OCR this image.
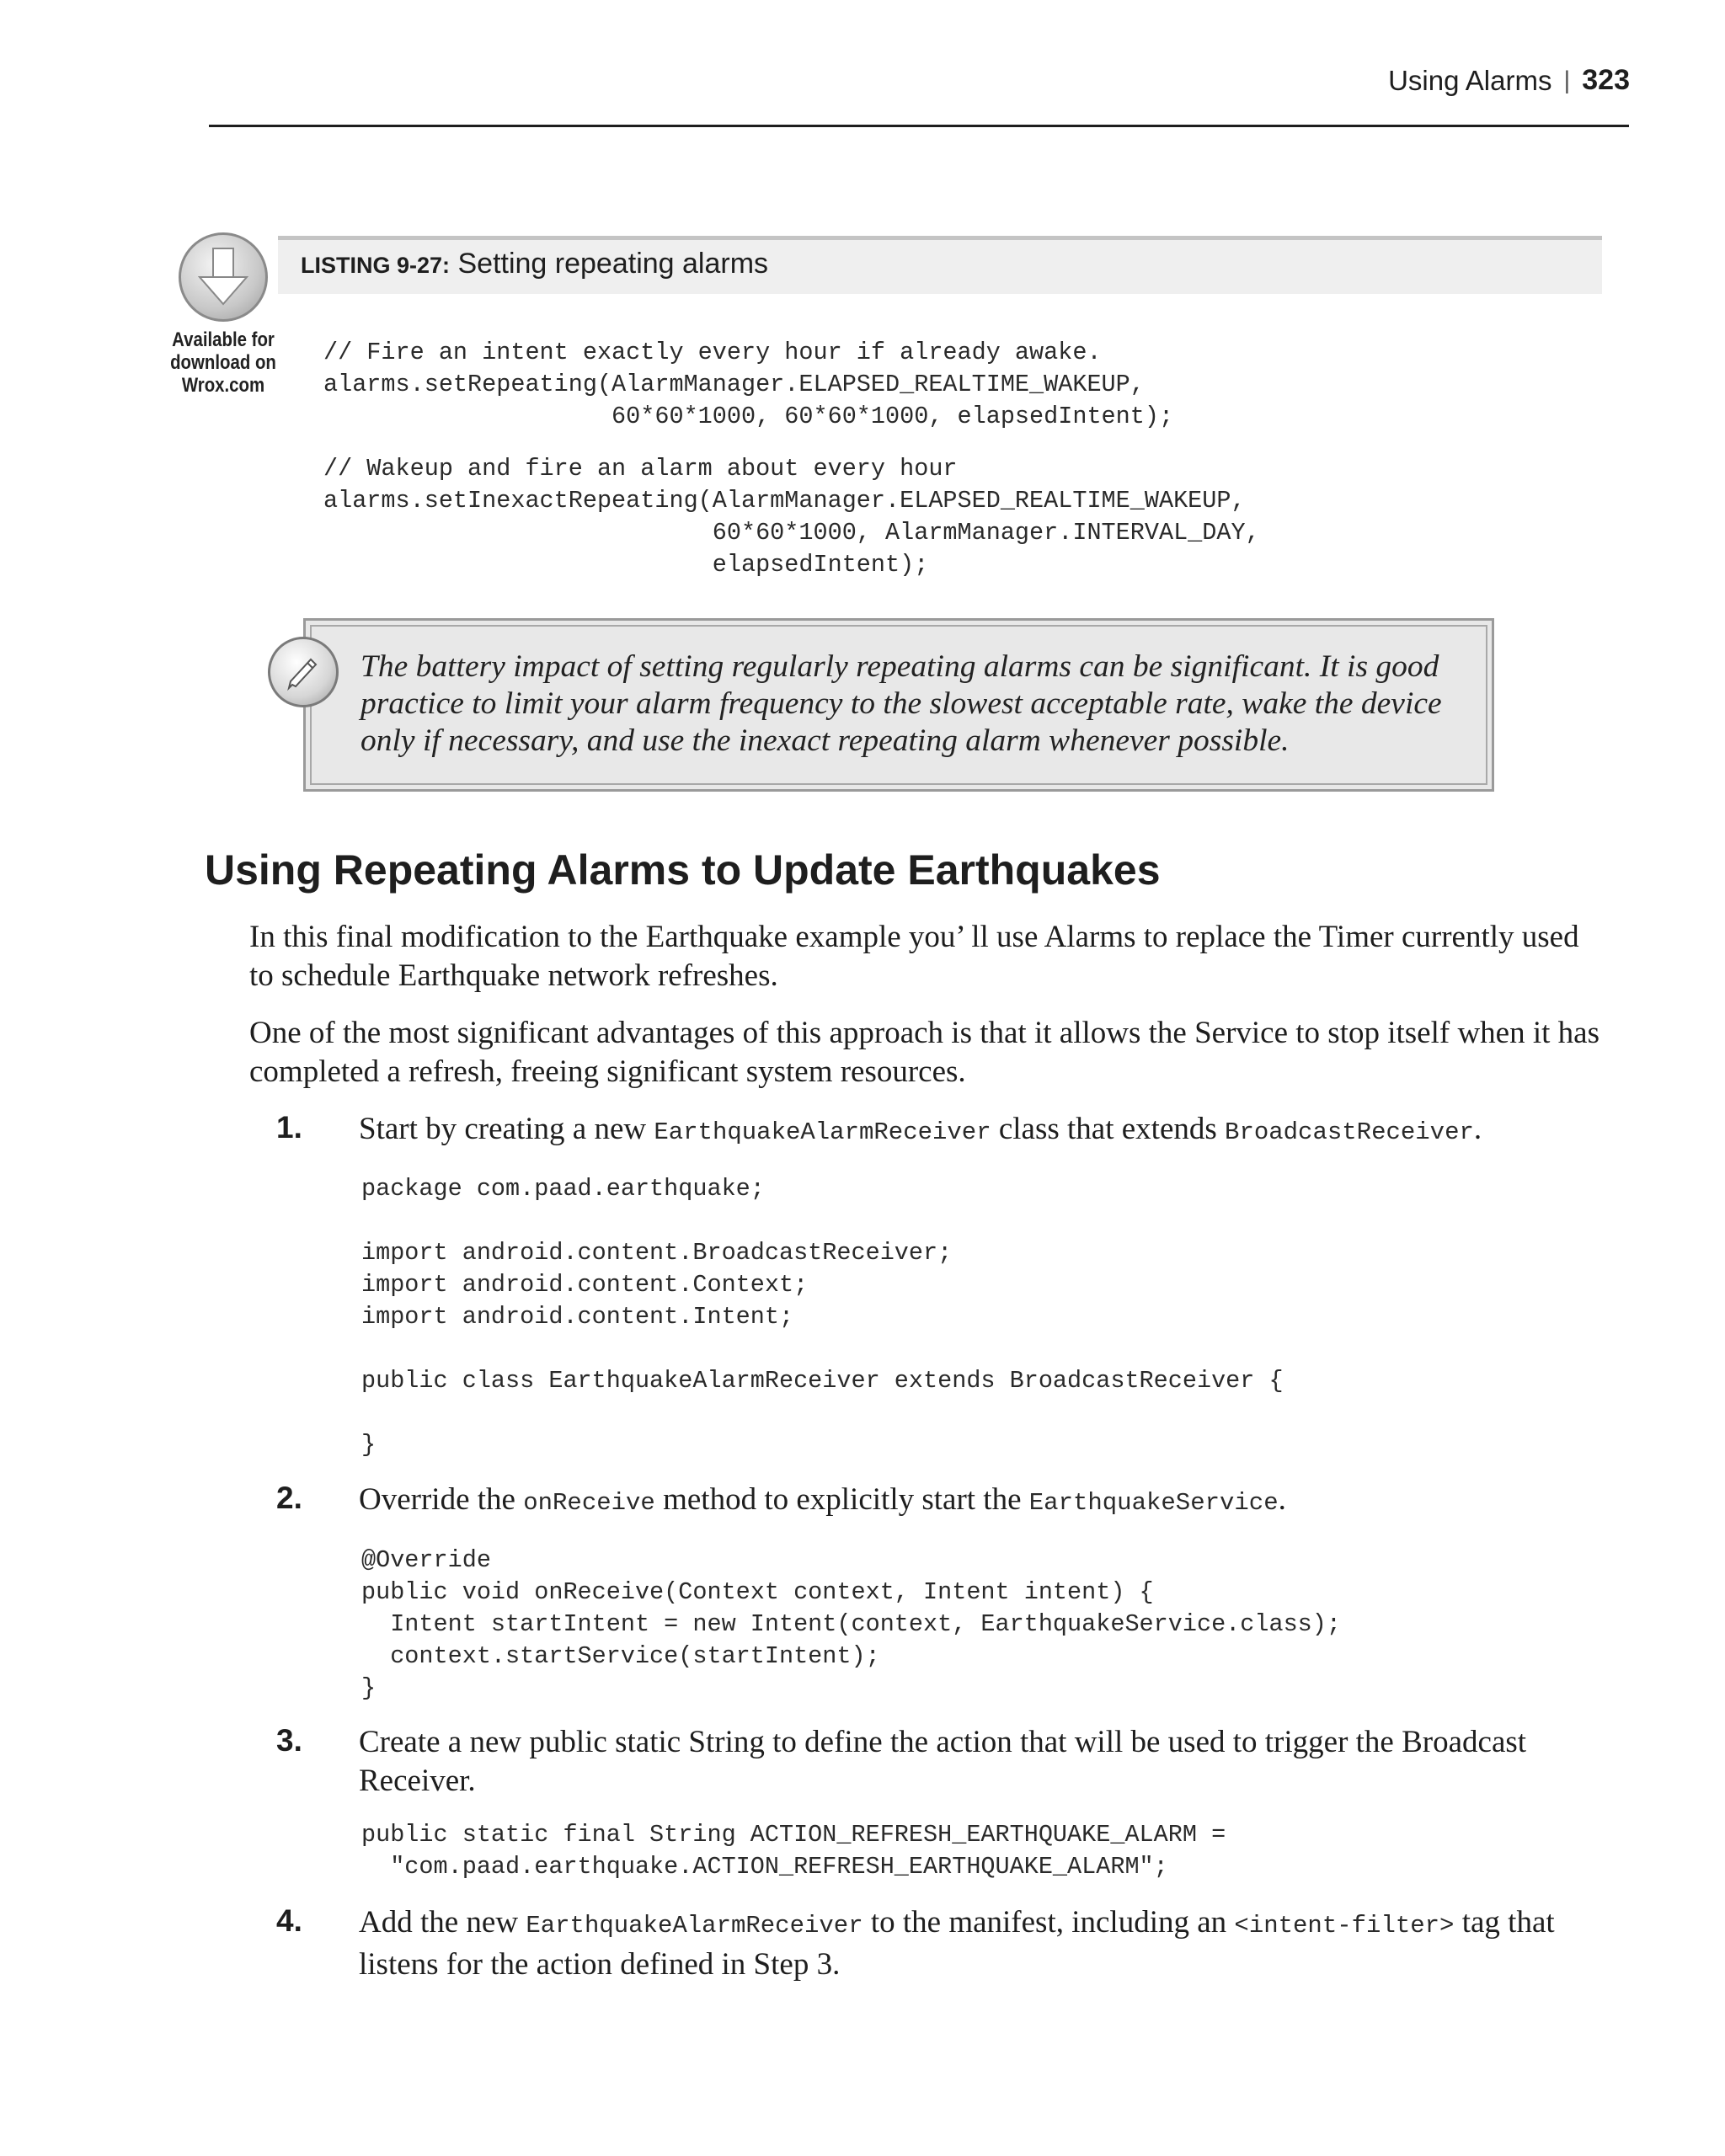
Using Alarms | 323
Available for
download on
Wrox.com
LISTING 9-27: Setting repeating alarms
// Fire an intent exactly every hour if already awake.
alarms.setRepeating(AlarmManager.ELAPSED_REALTIME_WAKEUP,
60*60*1000, 60*60*1000, elapsedIntent);
// Wakeup and fire an alarm about every hour
alarms.setInexactRepeating(AlarmManager.ELAPSED_REALTIME_WAKEUP,
60*60*1000, AlarmManager.INTERVAL_DAY,
elapsedIntent);
The battery impact of setting regularly repeating alarms can be significant. It is good practice to limit your alarm frequency to the slowest acceptable rate, wake the device only if necessary, and use the inexact repeating alarm whenever possible.
Using Repeating Alarms to Update Earthquakes

In this final modification to the Earthquake example you’ ll use Alarms to replace the Timer currently used to schedule Earthquake network refreshes.

One of the most significant advantages of this approach is that it allows the Service to stop itself when it has completed a refresh, freeing significant system resources.

1.	Start by creating a new EarthquakeAlarmReceiver class that extends BroadcastReceiver.
package com.paad.earthquake;

import android.content.BroadcastReceiver;
import android.content.Context;
import android.content.Intent;

public class EarthquakeAlarmReceiver extends BroadcastReceiver {

}
2.	Override the onReceive method to explicitly start the EarthquakeService.
@Override
public void onReceive(Context context, Intent intent) {
Intent startIntent = new Intent(context, EarthquakeService.class);
context.startService(startIntent);
}
3.	Create a new public static String to define the action that will be used to trigger the Broadcast Receiver.
public static final String ACTION_REFRESH_EARTHQUAKE_ALARM =
"com.paad.earthquake.ACTION_REFRESH_EARTHQUAKE_ALARM";
4.	Add the new EarthquakeAlarmReceiver to the manifest, including an <intent-filter> tag that listens for the action defined in Step 3.
